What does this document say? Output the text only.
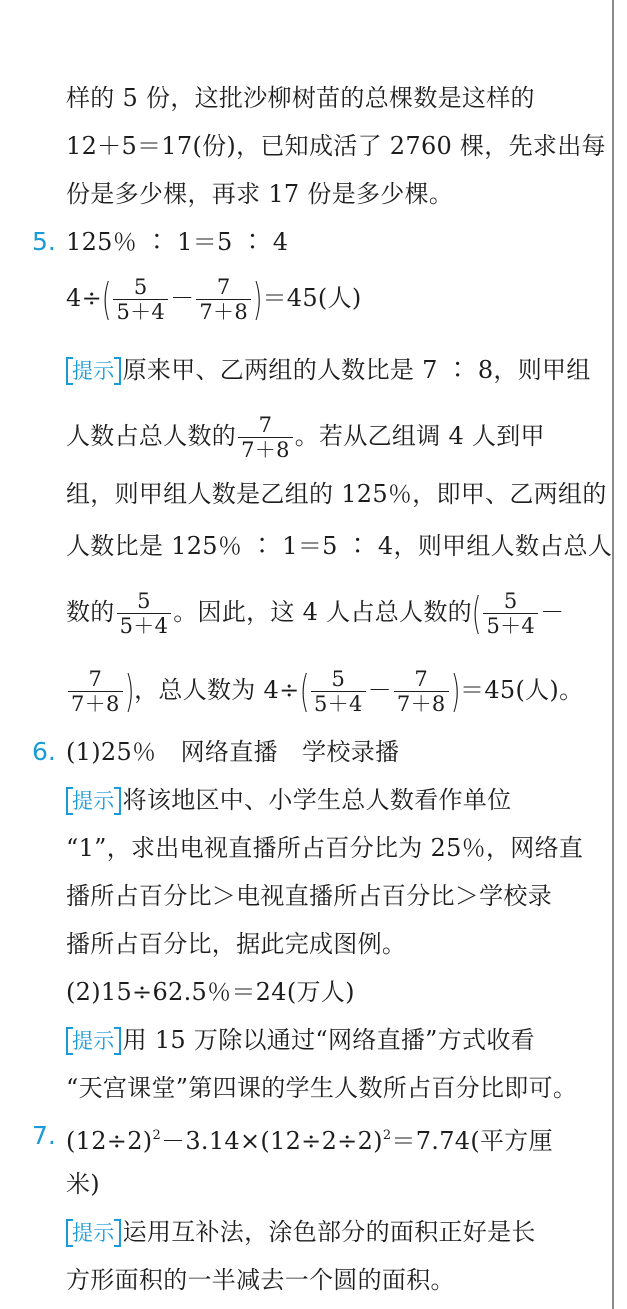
样的 5 份，这批沙柳树苗的总棵数是这样的
12＋5＝17(份)，已知成活了 2760 棵，先求出每
份是多少棵，再求 17 份是多少棵。
5. 125％ ∶ 1＝5 ∶ 4
$4\div( \frac{5}{5+4} - \frac{7}{7+8} )=45$(人)
提示 原来甲、乙两组的人数比是 7 ∶ 8，则甲组
人数占总人数的 $\frac{7}{7+8}$ 。若从乙组调 4 人到甲
组，则甲组人数是乙组的 125％，即甲、乙两组的
人数比是 125％ ∶ 1＝5 ∶ 4，则甲组人数占总人
数的 $\frac{5}{5+4}$ 。因此，这 4 人占总人数的( $\frac{5}{5+4}$ －
$\frac{7}{7+8}$ )，总人数为 $4\div( \frac{5}{5+4} - \frac{7}{7+8} )=45$(人)。
6. (1)25％　网络直播　学校录播
提示 将该地区中、小学生总人数看作单位
“1”，求出电视直播所占百分比为 25％，网络直
播所占百分比＞电视直播所占百分比＞学校录
播所占百分比，据此完成图例。
(2)15÷62.5％＝24(万人)
提示 用 15 万除以通过“网络直播”方式收看
“天宫课堂”第四课的学生人数所占百分比即可。
7. $(12\div 2)^2-3.14\times(12\div 2\div 2)^2=7.74$(平方厘
米)
提示 运用互补法，涂色部分的面积正好是长
方形面积的一半减去一个圆的面积。
